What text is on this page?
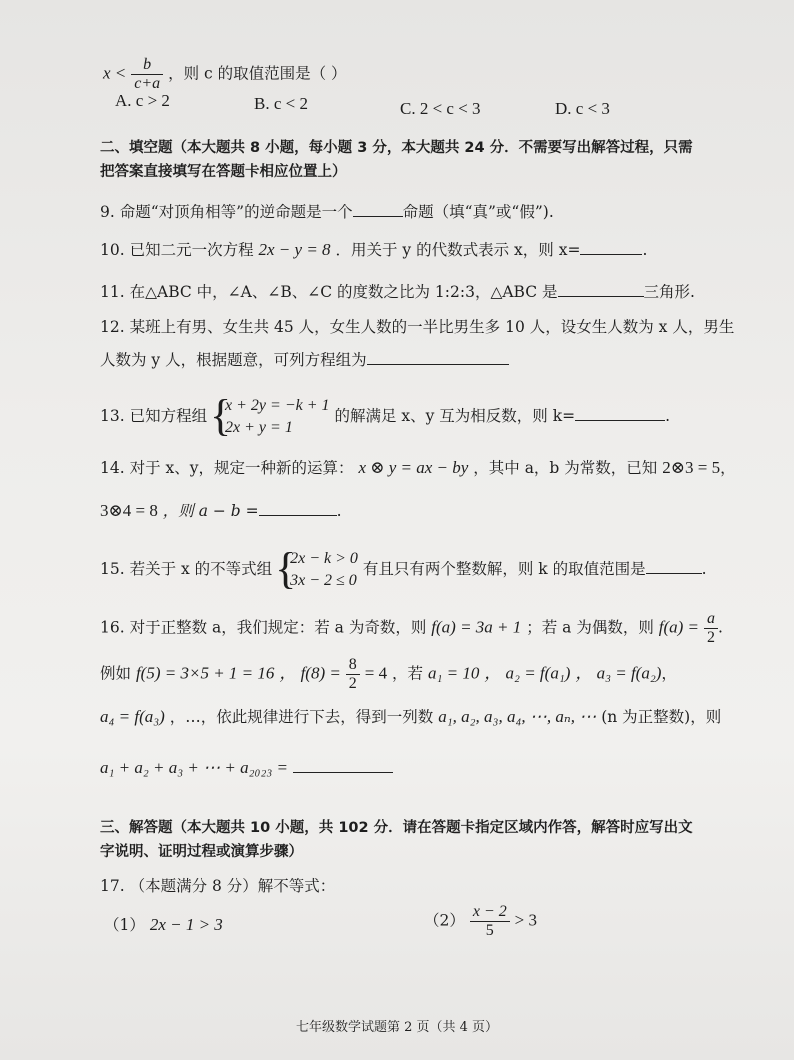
$x < \frac{b}{c+a}$ ，则 c 的取值范围是（ ）
A. c > 2	B. c < 2	C. 2 < c < 3	D. c < 3
二、填空题（本大题共 8 小题，每小题 3 分，本大题共 24 分．不需要写出解答过程，只需
把答案直接填写在答题卡相应位置上）
9. 命题“对顶角相等”的逆命题是一个	命题（填“真”或“假”).
10. 已知二元一次方程 2x − y = 8 ．用关于 y 的代数式表示 x，则 x=	.
11. 在△ABC 中，∠A、∠B、∠C 的度数之比为 1:2:3，△ABC 是	三角形.
12. 某班上有男、女生共 45 人，女生人数的一半比男生多 10 人，设女生人数为 x 人，男生
人数为 y 人，根据题意，可列方程组为
13. 已知方程组 {
x + 2y = −k + 1
2x + y = 1
的解满足 x、y 互为相反数，则 k=	.
14. 对于 x、y，规定一种新的运算： x ⊗ y = ax − by ，其中 a，b 为常数，已知 2⊗3 = 5，
3⊗4 = 8 ，则 a − b =	.
15. 若关于 x 的不等式组 {
2x − k > 0
3x − 2 ≤ 0
有且只有两个整数解，则 k 的取值范围是	.
16. 对于正整数 a，我们规定：若 a 为奇数，则 f(a) = 3a + 1 ；若 a 为偶数，则 $f(a) = \frac{a}{2}$ .
例如 f(5) = 3×5 + 1 = 16 ， $f(8) = \frac{8}{2} = 4$ ，若 a₁ = 10 ， a₂ = f(a₁) ， a₃ = f(a₂)，
a₄ = f(a₃) ，…，依此规律进行下去，得到一列数 a₁, a₂, a₃, a₄, ⋯, aₙ, ⋯ (n 为正整数)，则
a₁ + a₂ + a₃ + ⋯ + a₂₀₂₃ =
三、解答题（本大题共 10 小题，共 102 分．请在答题卡指定区域内作答，解答时应写出文
字说明、证明过程或演算步骤）
17. （本题满分 8 分）解不等式：
（1） 2x − 1 > 3	$(2) \frac{x - 2}{5} > 3$
七年级数学试题第 2 页（共 4 页）
